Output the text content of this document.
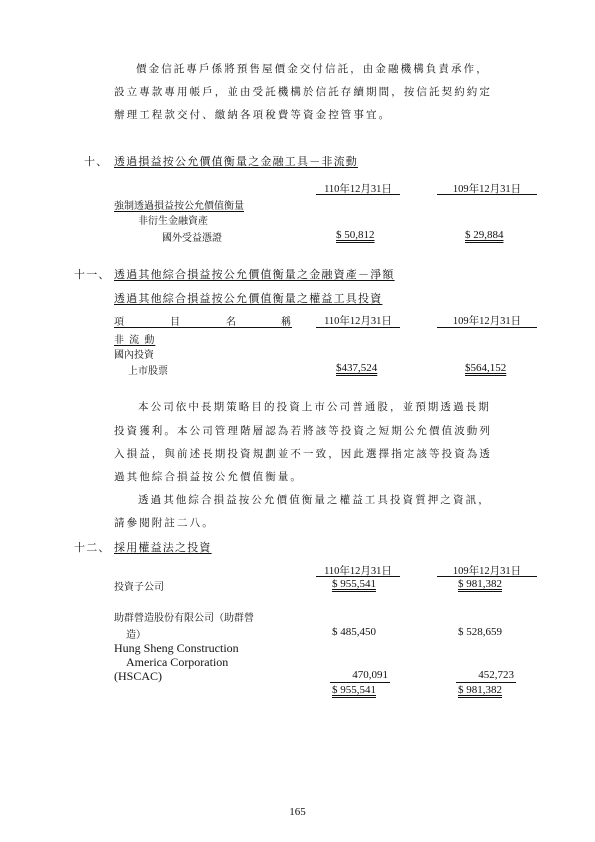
價金信託專戶係將預售屋價金交付信託，由金融機構負責承作，
設立專款專用帳戶，並由受託機構於信託存續期間，按信託契約約定
辦理工程款交付、繳納各項稅費等資金控管事宜。
十、 透過損益按公允價值衡量之金融工具－非流動
110年12月31日	109年12月31日
強制透過損益按公允價值衡量
非衍生金融資產
國外受益憑證	$ 50,812	$ 29,884
十一、 透過其他綜合損益按公允價值衡量之金融資產－淨額
透過其他綜合損益按公允價值衡量之權益工具投資
項	目	名	稱	110年12月31日	109年12月31日
非 流 動
國內投資
上市股票	$437,524	$564,152
本公司依中長期策略目的投資上市公司普通股，並預期透過長期
投資獲利。本公司管理階層認為若將該等投資之短期公允價值波動列
入損益，與前述長期投資規劃並不一致，因此選擇指定該等投資為透
過其他綜合損益按公允價值衡量。
透過其他綜合損益按公允價值衡量之權益工具投資質押之資訊，
請參閱附註二八。
十二、 採用權益法之投資
110年12月31日	109年12月31日
投資子公司	$ 955,541	$ 981,382
助群營造股份有限公司（助群營
造）	$ 485,450	$ 528,659
Hung Sheng Construction
America Corporation
(HSCAC)	470,091	452,723
$ 955,541	$ 981,382
165
